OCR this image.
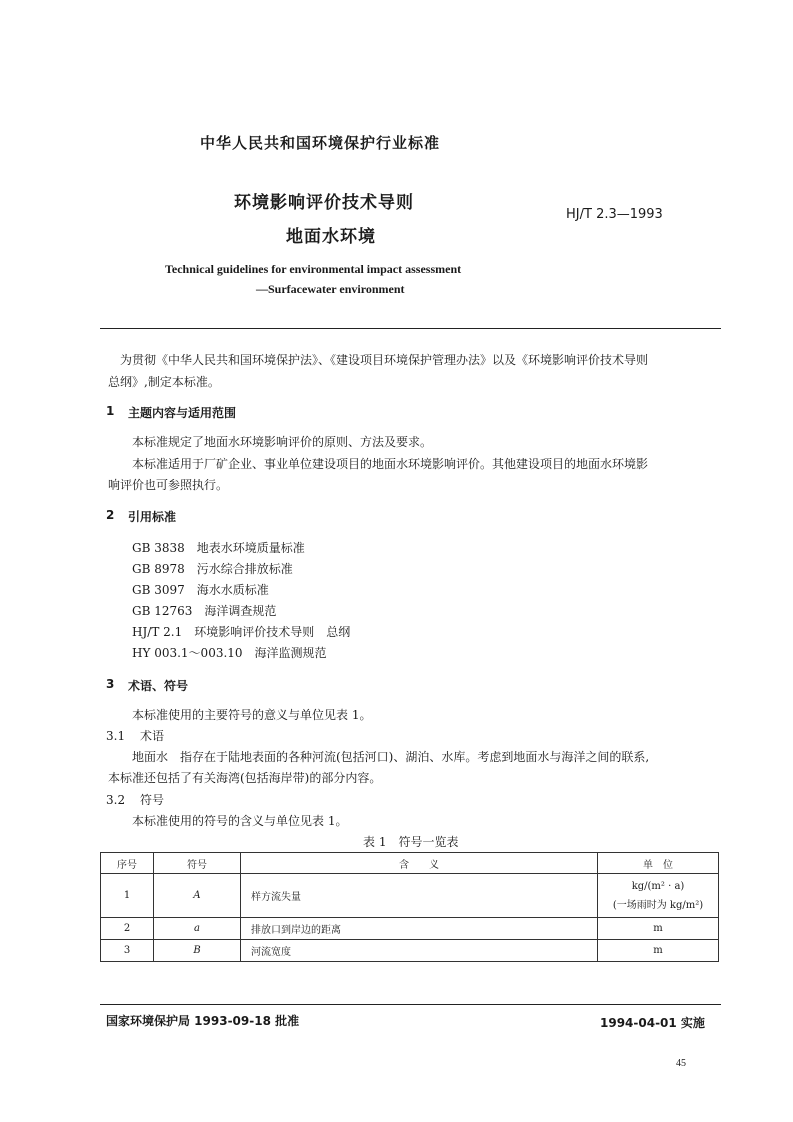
中华人民共和国环境保护行业标准
环境影响评价技术导则
地面水环境
HJ/T 2.3—1993
Technical guidelines for environmental impact assessment
—Surfacewater environment
为贯彻《中华人民共和国环境保护法》、《建设项目环境保护管理办法》以及《环境影响评价技术导则
总纲》,制定本标准。
1 主题内容与适用范围
本标准规定了地面水环境影响评价的原则、方法及要求。
本标准适用于厂矿企业、事业单位建设项目的地面水环境影响评价。其他建设项目的地面水环境影
响评价也可参照执行。
2 引用标准
GB 3838　地表水环境质量标准
GB 8978　污水综合排放标准
GB 3097　海水水质标准
GB 12763　海洋调查规范
HJ/T 2.1　环境影响评价技术导则　总纲
HY 003.1～003.10　海洋监测规范
3 术语、符号
本标准使用的主要符号的意义与单位见表 1。
3.1 术语
地面水　指存在于陆地表面的各种河流(包括河口)、湖泊、水库。考虑到地面水与海洋之间的联系,
本标准还包括了有关海湾(包括海岸带)的部分内容。
3.2 符号
本标准使用的符号的含义与单位见表 1。
表 1　符号一览表
序号	符号	含　　义	单　位
1	A	样方流失量	kg/(m² · a)
(一场雨时为 kg/m²)

2	a	排放口到岸边的距离	m
3	B	河流宽度	m
国家环境保护局 1993-09-18 批准	1994-04-01 实施
45
